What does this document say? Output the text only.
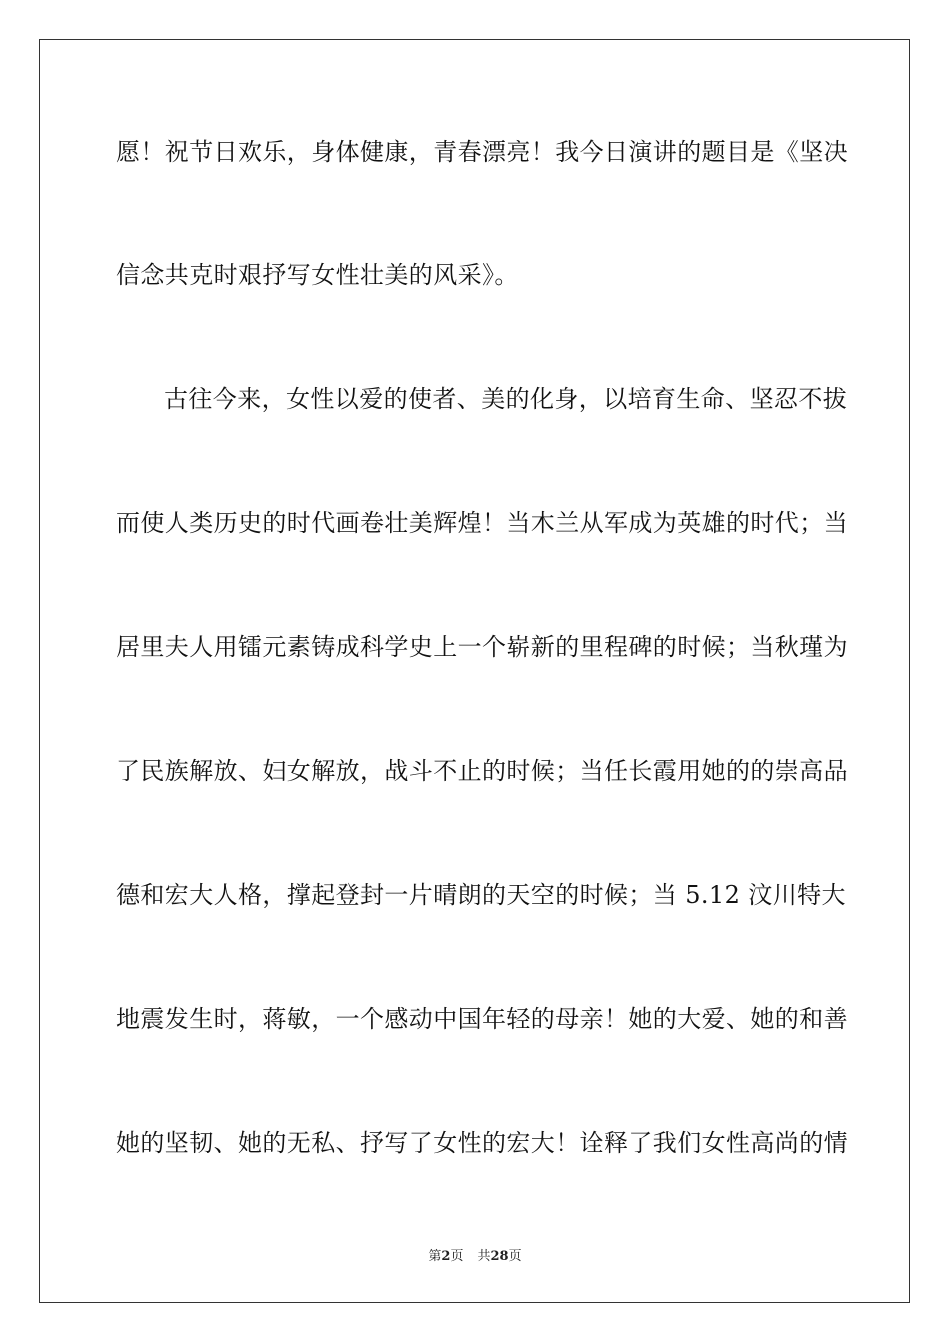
愿！祝节日欢乐，身体健康，青春漂亮！我今日演讲的题目是《坚决
信念共克时艰抒写女性壮美的风采》。
古往今来，女性以爱的使者、美的化身，以培育生命、坚忍不拔
而使人类历史的时代画卷壮美辉煌！当木兰从军成为英雄的时代；当
居里夫人用镭元素铸成科学史上一个崭新的里程碑的时候；当秋瑾为
了民族解放、妇女解放，战斗不止的时候；当任长霞用她的的崇高品
德和宏大人格，撑起登封一片晴朗的天空的时候；当 5.12 汶川特大
地震发生时，蒋敏，一个感动中国年轻的母亲！她的大爱、她的和善
她的坚韧、她的无私、抒写了女性的宏大！诠释了我们女性高尚的情
第2页 共28页
